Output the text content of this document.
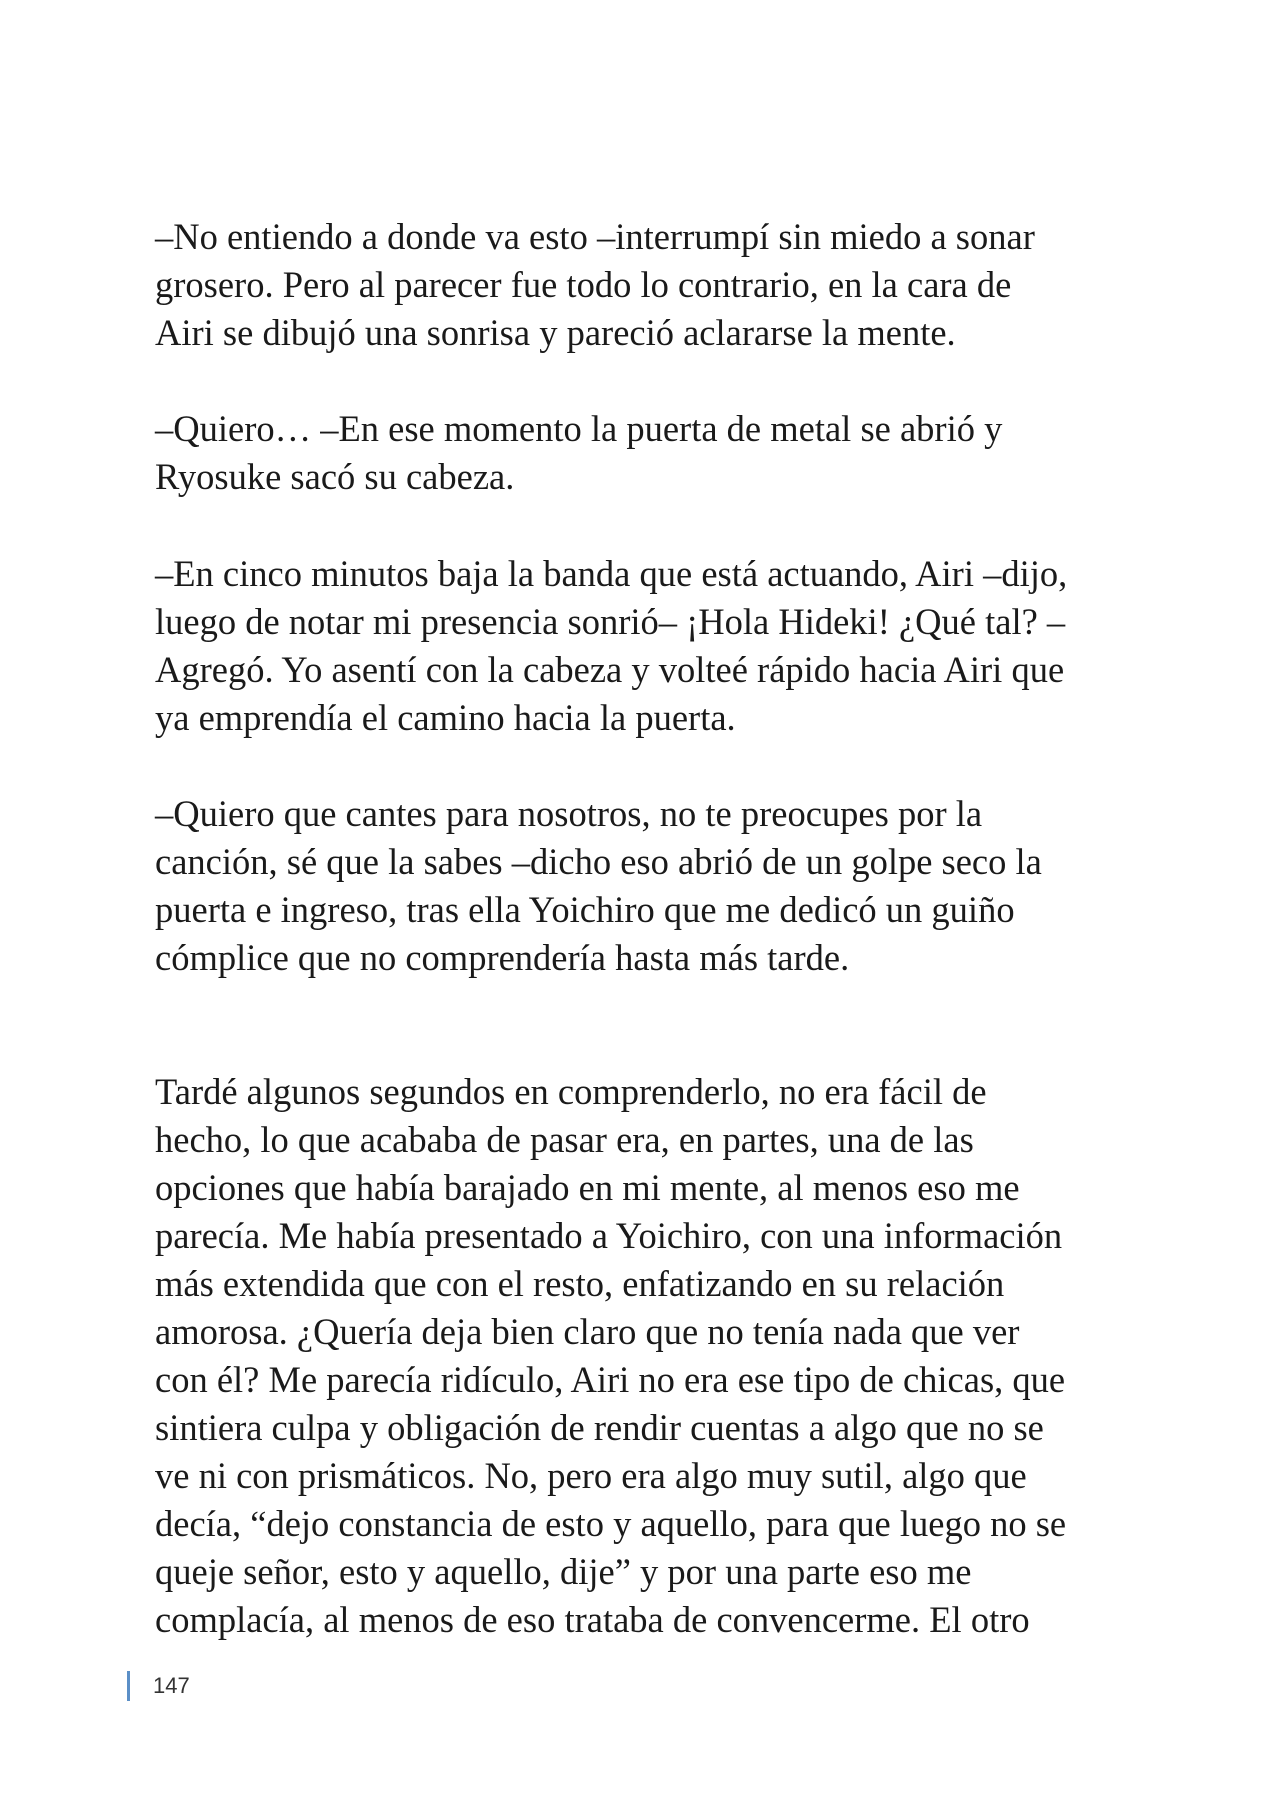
–No entiendo a donde va esto –interrumpí sin miedo a sonar
grosero. Pero al parecer fue todo lo contrario, en la cara de
Airi se dibujó una sonrisa y pareció aclararse la mente.

–Quiero… –En ese momento la puerta de metal se abrió y
Ryosuke sacó su cabeza.

–En cinco minutos baja la banda que está actuando, Airi –dijo,
luego de notar mi presencia sonrió– ¡Hola Hideki! ¿Qué tal? –
Agregó. Yo asentí con la cabeza y volteé rápido hacia Airi que
ya emprendía el camino hacia la puerta.

–Quiero que cantes para nosotros, no te preocupes por la
canción, sé que la sabes –dicho eso abrió de un golpe seco la
puerta e ingreso, tras ella Yoichiro que me dedicó un guiño
cómplice que no comprendería hasta más tarde.

Tardé algunos segundos en comprenderlo, no era fácil de
hecho, lo que acababa de pasar era, en partes, una de las
opciones que había barajado en mi mente, al menos eso me
parecía. Me había presentado a Yoichiro, con una información
más extendida que con el resto, enfatizando en su relación
amorosa. ¿Quería deja bien claro que no tenía nada que ver
con él? Me parecía ridículo, Airi no era ese tipo de chicas, que
sintiera culpa y obligación de rendir cuentas a algo que no se
ve ni con prismáticos. No, pero era algo muy sutil, algo que
decía, “dejo constancia de esto y aquello, para que luego no se
queje señor, esto y aquello, dije” y por una parte eso me
complacía, al menos de eso trataba de convencerme. El otro

147
